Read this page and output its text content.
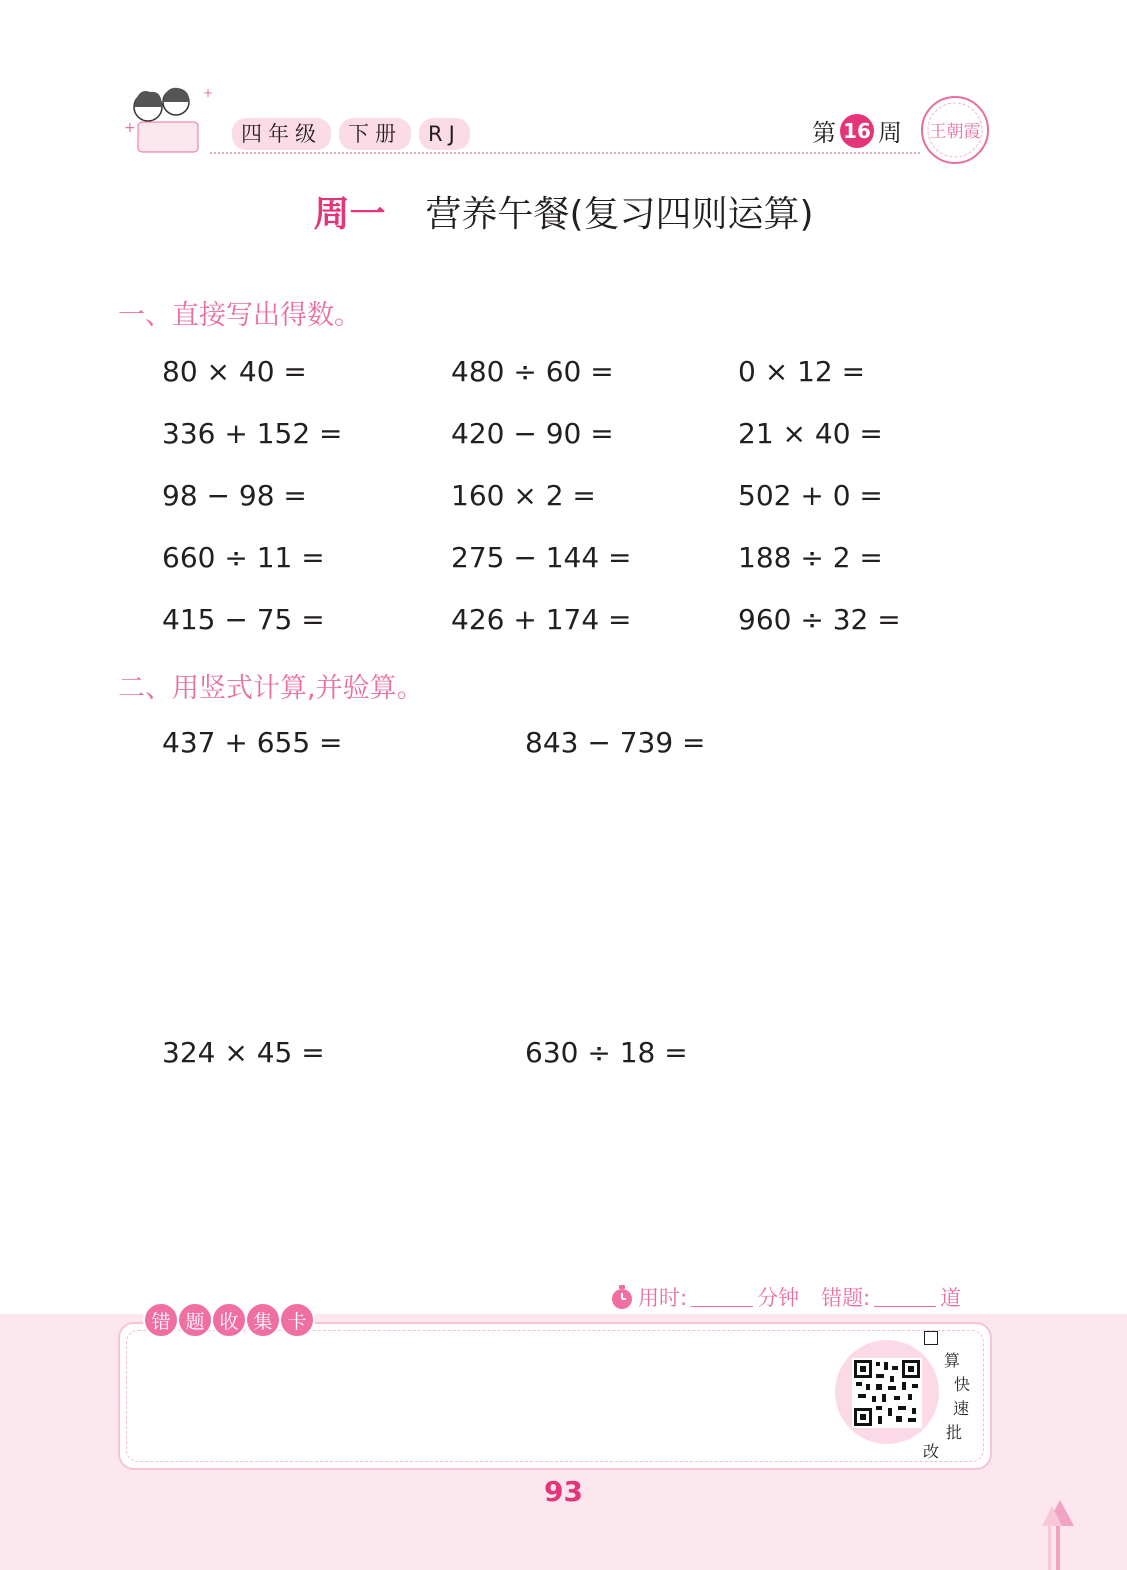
+
+
四年级	下册	RJ	第 16 周 王朝霞
周一 营养午餐(复习四则运算)
一、直接写出得数。
80 × 40 =	480 ÷ 60 =	0 × 12 =
336 + 152 =	420 − 90 =	21 × 40 =
98 − 98 =	160 × 2 =	502 + 0 =
660 ÷ 11 =	275 − 144 =	188 ÷ 2 =
415 − 75 =	426 + 174 =	960 ÷ 32 =
二、用竖式计算,并验算。
437 + 655 =	843 − 739 =
324 × 45 =	630 ÷ 18 =
用时:	分钟 错题:	道
错 题 收 集 卡
算
快
速
批
改
93
